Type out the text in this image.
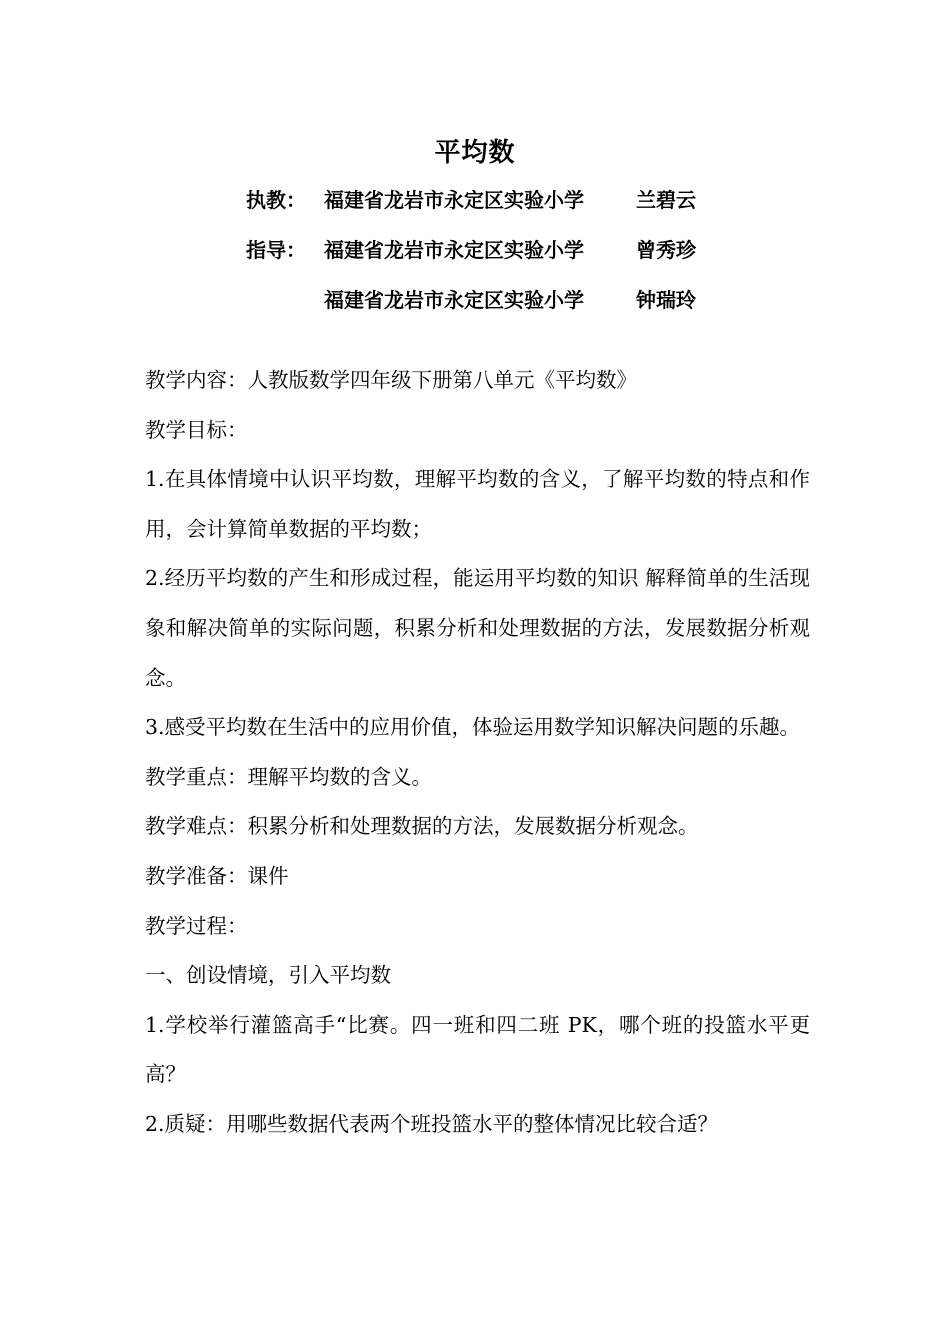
平均数
执教： 福建省龙岩市永定区实验小学	兰碧云
指导： 福建省龙岩市永定区实验小学	曾秀珍
福建省龙岩市永定区实验小学	钟瑞玲

教学内容：人教版数学四年级下册第八单元《平均数》

教学目标：

1.在具体情境中认识平均数，理解平均数的含义，了解平均数的特点和作用，会计算简单数据的平均数；

2.经历平均数的产生和形成过程，能运用平均数的知识 解释简单的生活现象和解决简单的实际问题，积累分析和处理数据的方法，发展数据分析观念。

3.感受平均数在生活中的应用价值，体验运用数学知识解决问题的乐趣。

教学重点：理解平均数的含义。

教学难点：积累分析和处理数据的方法，发展数据分析观念。

教学准备：课件

教学过程：

一、创设情境，引入平均数

1.学校举行灌篮高手“比赛。四一班和四二班 PK，哪个班的投篮水平更高？

2.质疑：用哪些数据代表两个班投篮水平的整体情况比较合适？
